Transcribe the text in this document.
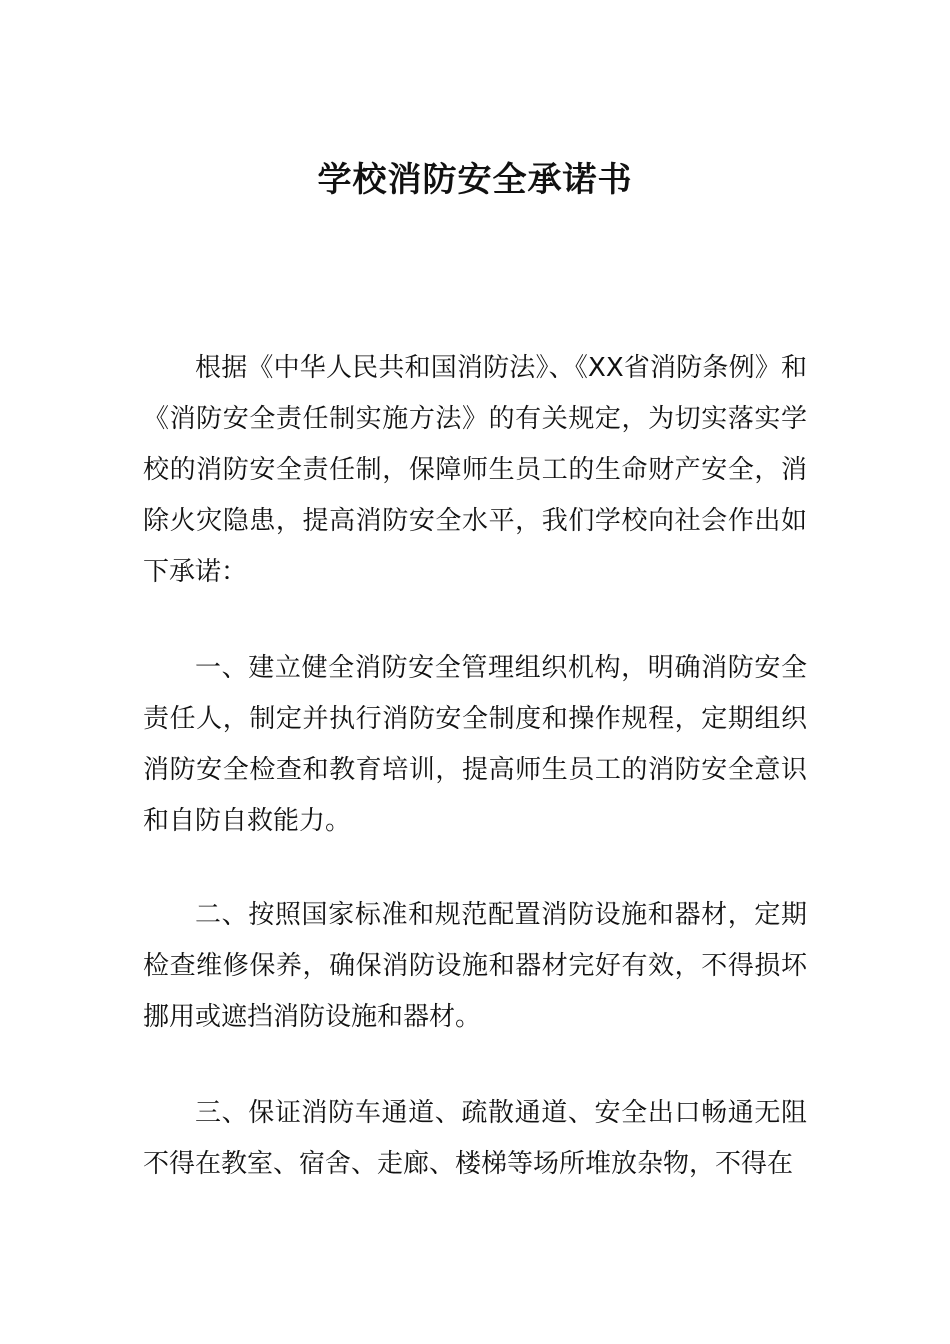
学校消防安全承诺书

根据《中华人民共和国消防法》、《XX省消防条例》和《消防安全责任制实施方法》的有关规定，为切实落实学校的消防安全责任制，保障师生员工的生命财产安全，消除火灾隐患，提高消防安全水平，我们学校向社会作出如下承诺：

一、建立健全消防安全管理组织机构，明确消防安全责任人，制定并执行消防安全制度和操作规程，定期组织消防安全检查和教育培训，提高师生员工的消防安全意识和自防自救能力。

二、按照国家标准和规范配置消防设施和器材，定期检查维修保养，确保消防设施和器材完好有效，不得损坏挪用或遮挡消防设施和器材。

三、保证消防车通道、疏散通道、安全出口畅通无阻不得在教室、宿舍、走廊、楼梯等场所堆放杂物，不得在
